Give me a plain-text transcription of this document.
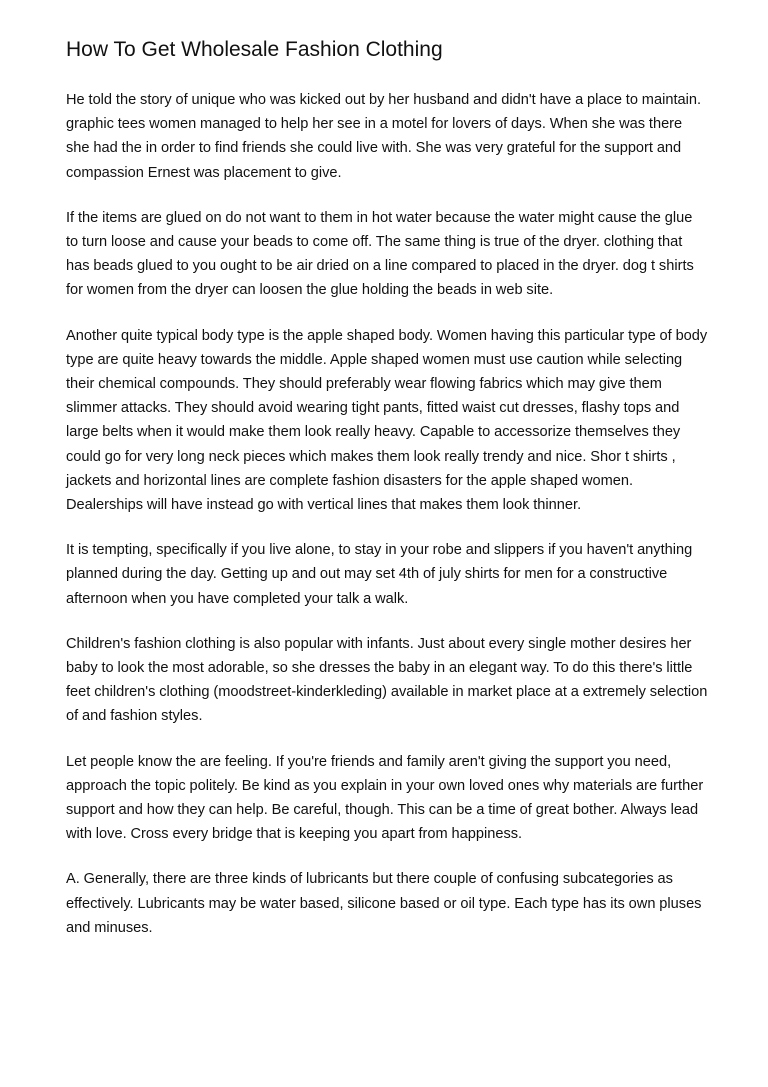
How To Get Wholesale Fashion Clothing

He told the story of unique who was kicked out by her husband and didn't have a place to maintain. graphic tees women managed to help her see in a motel for lovers of days. When she was there she had the in order to find friends she could live with. She was very grateful for the support and compassion Ernest was placement to give.

If the items are glued on do not want to them in hot water because the water might cause the glue to turn loose and cause your beads to come off. The same thing is true of the dryer. clothing that has beads glued to you ought to be air dried on a line compared to placed in the dryer. dog t shirts for women from the dryer can loosen the glue holding the beads in web site.

Another quite typical body type is the apple shaped body. Women having this particular type of body type are quite heavy towards the middle. Apple shaped women must use caution while selecting their chemical compounds. They should preferably wear flowing fabrics which may give them slimmer attacks. They should avoid wearing tight pants, fitted waist cut dresses, flashy tops and large belts when it would make them look really heavy. Capable to accessorize themselves they could go for very long neck pieces which makes them look really trendy and nice. Shor t shirts , jackets and horizontal lines are complete fashion disasters for the apple shaped women. Dealerships will have instead go with vertical lines that makes them look thinner.

It is tempting, specifically if you live alone, to stay in your robe and slippers if you haven't anything planned during the day. Getting up and out may set 4th of july shirts for men for a constructive afternoon when you have completed your talk a walk.

Children's fashion clothing is also popular with infants. Just about every single mother desires her baby to look the most adorable, so she dresses the baby in an elegant way. To do this there's little feet children's clothing (moodstreet-kinderkleding) available in market place at a extremely selection of and fashion styles.

Let people know the are feeling. If you're friends and family aren't giving the support you need, approach the topic politely. Be kind as you explain in your own loved ones why materials are further support and how they can help. Be careful, though. This can be a time of great bother. Always lead with love. Cross every bridge that is keeping you apart from happiness.

A. Generally, there are three kinds of lubricants but there couple of confusing subcategories as effectively. Lubricants may be water based, silicone based or oil type. Each type has its own pluses and minuses.
